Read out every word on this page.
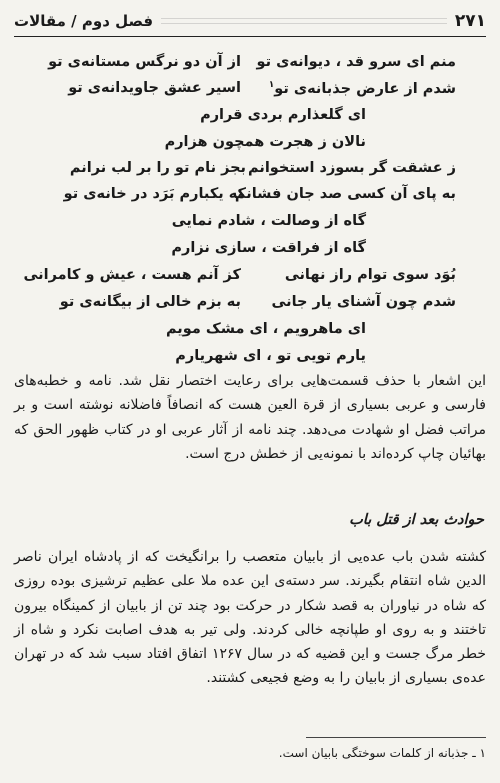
۲۷۱
فصل دوم / مقالات
منم ای سرو قد ، دیوانه‌ی تو
از آن دو نرگس مستانه‌ی تو
شدم از عارض جذبانه‌ی تو$^۱$
اسیر عشق جاویدانه‌ی تو
ای گلعذارم بردی قرارم
نالان ز هجرت همچون هزارم
ز عشقت گر بسوزد استخوانم
بجز نام تو را بر لب نرانم
به پای آن کسی صد جان فشانم
که یکبارم بَرَد در خانه‌ی تو
گاه از وصالت ، شادم نمایی
گاه از فراقت ، سازی نزارم
بُوَد سوی توام راز نهانی
کز آنم هست ، عیش و کامرانی
شدم چون آشنای یار جانی
به بزم خالی از بیگانه‌ی تو
ای ماهرویم ، ای مشک مویم
یارم تویی تو ، ای شهریارم

این اشعار با حذف قسمت‌هایی برای رعایت اختصار نقل شد. نامه و خطبه‌های فارسی و عربی بسیاری از قرة العین هست که انصافاً فاضلانه نوشته است و بر مراتب فضل او شهادت می‌دهد. چند نامه از آثار عربی او در کتاب ظهور الحق که بهائیان چاپ کرده‌اند با نمونه‌یی از خطش درج است.

حوادث بعد از قتل باب

کشته شدن باب عده‌یی از بابیان متعصب را برانگیخت که از پادشاه ایران ناصر الدین شاه انتقام بگیرند. سر دسته‌ی این عده ملا علی عظیم ترشیزی بوده روزی که شاه در نیاوران به قصد شکار در حرکت بود چند تن از بابیان از کمینگاه بیرون تاختند و به روی او طپانچه خالی کردند. ولی تیر به هدف اصابت نکرد و شاه از خطر مرگ جست و این قضیه که در سال ۱۲۶۷ اتفاق افتاد سبب شد که در تهران عده‌ی بسیاری از بابیان را به وضع فجیعی کشتند.

۱ ـ جذبانه از کلمات سوختگی بابیان است.
